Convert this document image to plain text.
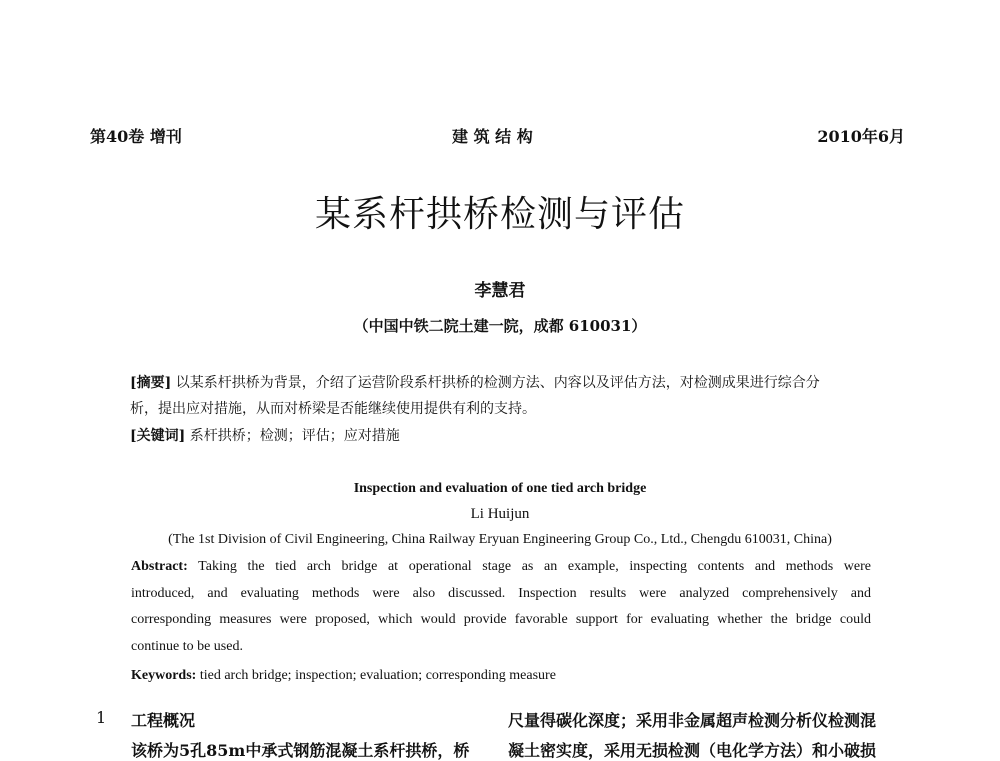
第40卷 增刊	建 筑 结 构	2010年6月
某系杆拱桥检测与评估
李慧君
（中国中铁二院土建一院，成都 610031）
[摘要] 以某系杆拱桥为背景，介绍了运营阶段系杆拱桥的检测方法、内容以及评估方法，对检测成果进行综合分
析，提出应对措施，从而对桥梁是否能继续使用提供有利的支持。
[关键词] 系杆拱桥；检测；评估；应对措施
Inspection and evaluation of one tied arch bridge
Li Huijun
(The 1st Division of Civil Engineering, China Railway Eryuan Engineering Group Co., Ltd., Chengdu 610031, China)
Abstract: Taking the tied arch bridge at operational stage as an example, inspecting contents and methods were
introduced, and evaluating methods were also discussed. Inspection results were analyzed comprehensively and
corresponding measures were proposed, which would provide favorable support for evaluating whether the bridge could
continue to be used.
Keywords: tied arch bridge; inspection; evaluation; corresponding measure
1 工程概况
该桥为5孔85m中承式钢筋混凝土系杆拱桥，桥
尺量得碳化深度；采用非金属超声检测分析仪检测混
凝土密实度，采用无损检测（电化学方法）和小破损
